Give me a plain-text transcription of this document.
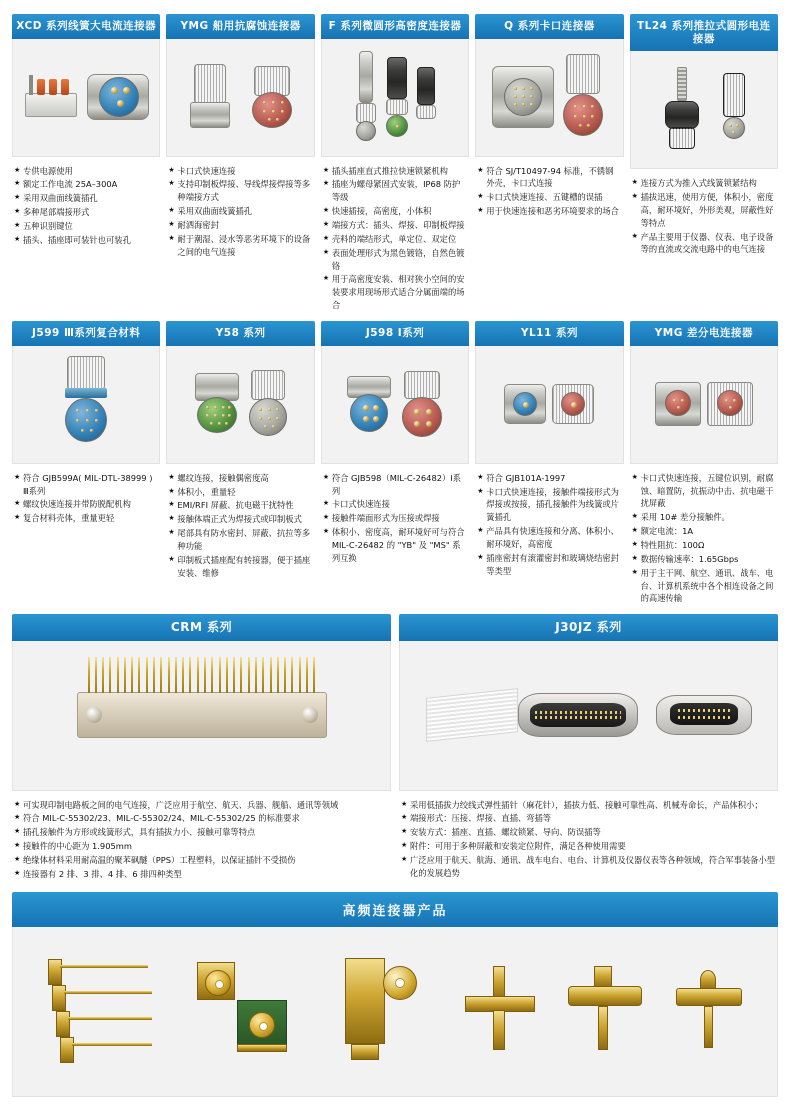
XCD 系列线簧大电流连接器
★ 专供电源使用
★ 额定工作电流 25A–300A
★ 采用双曲面线簧插孔
★ 多种尾部端接形式
★ 五种识别键位
★ 插头、插座即可装针也可装孔
YMG 船用抗腐蚀连接器
★ 卡口式快速连接
★ 支持印制板焊接、导线焊接焊接等多种端接方式
★ 采用双曲面线簧插孔
★ 耐洒海密封
★ 耐于潮湿、浸水等恶劣环境下的设备之间的电气连接
F 系列微圆形高密度连接器
★ 插头插座直式推拉快速锁紧机构
★ 插座为螺母紧固式安装，IP68 防护等级
★ 快速插接，高密度，小体积
★ 端接方式：插头、焊接、印制板焊接
★ 壳料的端结形式，单定位、双定位
★ 表面处理形式为黑色镀铬，自然色镀铬
★ 用于高密度安装、相对狭小空间的安装要求用现场形式适合分属面端的场合
Q 系列卡口连接器
★ 符合 SJ/T10497-94 标准，不锈钢外壳，卡口式连接
★ 卡口式快速连接、五键槽的误插
★ 用于快速连接和恶劣环境要求的场合
TL24 系列推拉式圆形电连接器
★ 连接方式为推入式线簧锁紧结构
★ 插拔迅速，使用方便，体积小，密度高，耐环境好，外形美观，屏蔽性好等特点
★ 产品主要用于仪器、仪表、电子设备等的直流或交流电路中的电气连接
J599 Ⅲ系列复合材料
★ 符合 GJB599A( MIL-DTL-38999 ) Ⅲ系列
★ 螺纹快速连接并带防脱配机构
★ 复合材料壳体，重量更轻
Y58 系列
★ 螺纹连接，接触偶密度高
★ 体积小，重量轻
★ EMI/RFI 屏蔽、抗电磁干扰特性
★ 接触体端正式为焊接式或印制板式
★ 尾部具有防水密封、屏蔽、抗拉等多种功能
★ 印制板式插座配有转接器，便于插座安装、维修
J598 Ⅰ系列
★ 符合 GJB598（MIL-C-26482）Ⅰ系列
★ 卡口式快速连接
★ 接触件端面形式为压接或焊接
★ 体积小、密度高，耐环境好可与符合 MIL-C-26482 的 "YB" 及 "MS" 系列互换
YL11 系列
★ 符合 GJB101A-1997
★ 卡口式快速连接，接触件端接形式为焊接或按接，插孔接触件为线簧或片簧插孔
★ 产品具有快速连接和分离、体积小、耐环境好，高密度
★ 插座密封有滚灌密封和玻璃烧结密封等类型
YMG 差分电连接器
★ 卡口式快速连接，五键位识别，耐腐蚀、暗置防，抗振动中击、抗电磁干扰屏蔽
★ 采用 10# 差分接触件。
★ 额定电流：1A
★ 特性阻抗：100Ω
★ 数据传输速率：1.65Gbps
★ 用于主干网、航空、通讯、战车、电台、计算机系统中各个相连设备之间的高速传输
CRM 系列
★ 可实现印制电路板之间的电气连接，广泛应用于航空、航天、兵器、舰船、通讯等领域
★ 符合 MIL-C-55302/23、MIL-C-55302/24、MIL-C-55302/25 的标准要求
★ 插孔接触件为方形或线簧形式，具有插拔力小、接触可靠等特点
★ 接触件的中心距为 1.905mm
★ 绝缘体材料采用耐高温的聚苯砜醚（PPS）工程塑料，以保证插针不受损伤
★ 连接器有 2 排、3 排、4 排、6 排四种类型
J30JZ 系列
★ 采用低插拔力绞线式弹性插针（麻花针），插拔力低、接触可靠性高、机械寿命长，产品体积小；
★ 端接形式：压接、焊接、直插、弯插等
★ 安装方式：插座、直插、螺纹锁紧、导向、防误插等
★ 附件：可用于多种屏蔽和安装定位附件，满足各种使用需要
★ 广泛应用于航天、航海、通讯、战车电台、电台、计算机及仪器仪表等各种领域，符合军事装备小型化的发展趋势
高频连接器产品
